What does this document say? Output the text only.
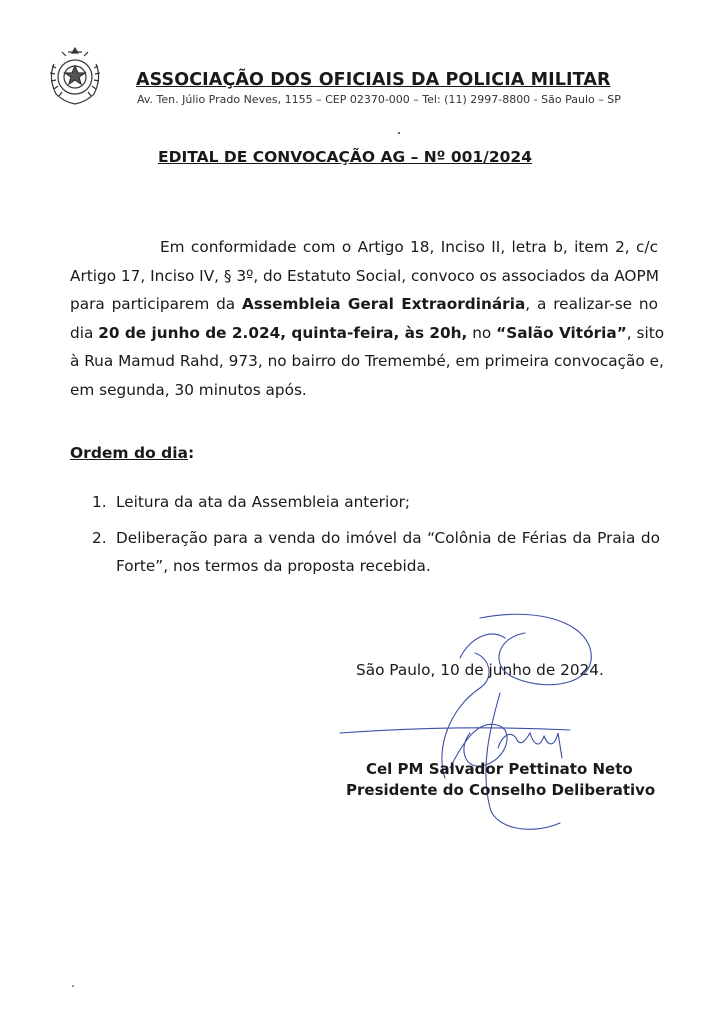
ASSOCIAÇÃO DOS OFICIAIS DA POLICIA MILITAR
Av. Ten. Júlio Prado Neves, 1155 – CEP 02370-000 – Tel: (11) 2997-8800 - São Paulo – SP
EDITAL DE CONVOCAÇÃO AG – Nº 001/2024
Em conformidade com o Artigo 18, Inciso II, letra b, item 2, c/c
Artigo 17, Inciso IV, § 3º, do Estatuto Social, convoco os associados da AOPM
para participarem da Assembleia Geral Extraordinária, a realizar-se no
dia 20 de junho de 2.024, quinta-feira, às 20h, no “Salão Vitória”, sito
à Rua Mamud Rahd, 973, no bairro do Tremembé, em primeira convocação e,
em segunda, 30 minutos após.
Ordem do dia:
1. Leitura da ata da Assembleia anterior;
2. Deliberação para a venda do imóvel da “Colônia de Férias da Praia do Forte”, nos termos da proposta recebida.
São Paulo, 10 de junho de 2024.
Cel PM Salvador Pettinato Neto
Presidente do Conselho Deliberativo
